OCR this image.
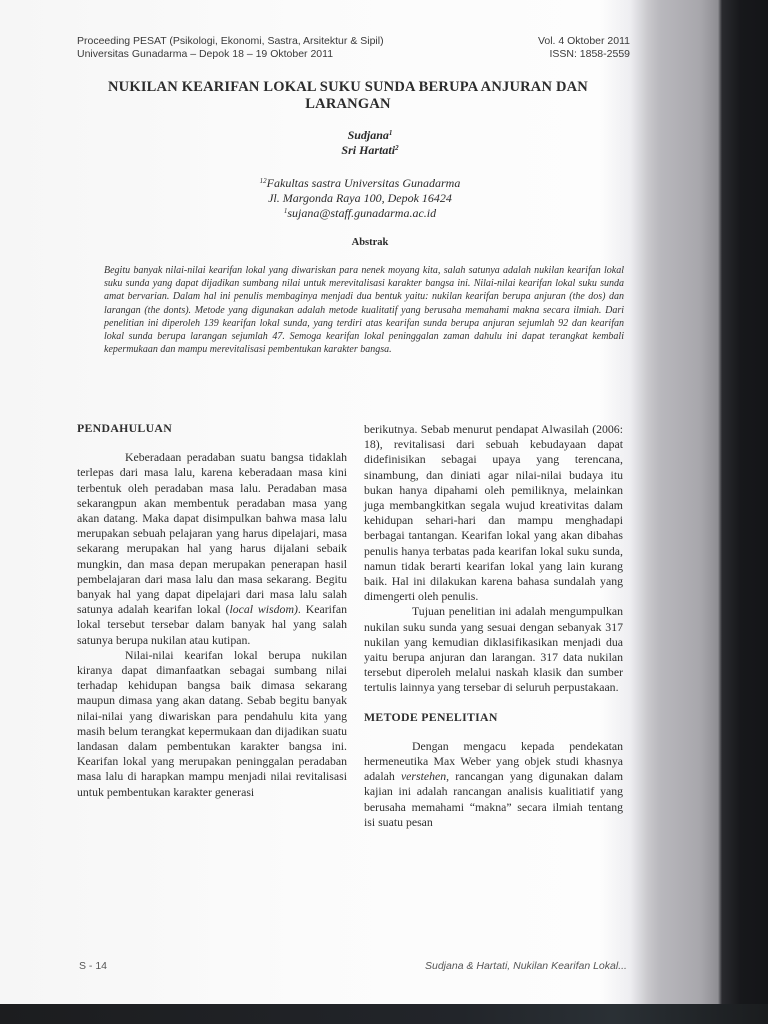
Proceeding PESAT (Psikologi, Ekonomi, Sastra, Arsitektur & Sipil)
Universitas Gunadarma – Depok 18 – 19 Oktober 2011
Vol. 4 Oktober 2011
ISSN: 1858-2559
NUKILAN KEARIFAN LOKAL SUKU SUNDA BERUPA ANJURAN DAN
LARANGAN
Sudjana$^1$
Sri Hartati$^2$
$^{12}$Fakultas sastra Universitas Gunadarma
Jl. Margonda Raya 100, Depok 16424
$^1$sujana@staff.gunadarma.ac.id
Abstrak
Begitu banyak nilai-nilai kearifan lokal yang diwariskan para nenek moyang kita, salah satunya adalah nukilan kearifan lokal suku sunda yang dapat dijadikan sumbang nilai untuk merevitalisasi karakter bangsa ini. Nilai-nilai kearifan lokal suku sunda amat bervarian. Dalam hal ini penulis membaginya menjadi dua bentuk yaitu: nukilan kearifan berupa anjuran (the dos) dan larangan (the donts). Metode yang digunakan adalah metode kualitatif yang berusaha memahami makna secara ilmiah. Dari penelitian ini diperoleh 139 kearifan lokal sunda, yang terdiri atas kearifan sunda berupa anjuran sejumlah 92 dan kearifan lokal sunda berupa larangan sejumlah 47. Semoga kearifan lokal peninggalan zaman dahulu ini dapat terangkat kembali kepermukaan dan mampu merevitalisasi pembentukan karakter bangsa.
PENDAHULUAN

Keberadaan peradaban suatu bangsa tidaklah terlepas dari masa lalu, karena keberadaan masa kini terbentuk oleh peradaban masa lalu. Peradaban masa sekarangpun akan membentuk peradaban masa yang akan datang. Maka dapat disimpulkan bahwa masa lalu merupakan sebuah pelajaran yang harus dipelajari, masa sekarang merupakan hal yang harus dijalani sebaik mungkin, dan masa depan merupakan penerapan hasil pembelajaran dari masa lalu dan masa sekarang. Begitu banyak hal yang dapat dipelajari dari masa lalu salah satunya adalah kearifan lokal (local wisdom). Kearifan lokal tersebut tersebar dalam banyak hal yang salah satunya berupa nukilan atau kutipan.

Nilai-nilai kearifan lokal berupa nukilan kiranya dapat dimanfaatkan sebagai sumbang nilai terhadap kehidupan bangsa baik dimasa sekarang maupun dimasa yang akan datang. Sebab begitu banyak nilai-nilai yang diwariskan para pendahulu kita yang masih belum terangkat kepermukaan dan dijadikan suatu landasan dalam pembentukan karakter bangsa ini. Kearifan lokal yang merupakan peninggalan peradaban masa lalu di harapkan mampu menjadi nilai revitalisasi untuk pembentukan karakter generasi

berikutnya. Sebab menurut pendapat Alwasilah (2006: 18), revitalisasi dari sebuah kebudayaan dapat didefinisikan sebagai upaya yang terencana, sinambung, dan diniati agar nilai-nilai budaya itu bukan hanya dipahami oleh pemiliknya, melainkan juga membangkitkan segala wujud kreativitas dalam kehidupan sehari-hari dan mampu menghadapi berbagai tantangan. Kearifan lokal yang akan dibahas penulis hanya terbatas pada kearifan lokal suku sunda, namun tidak berarti kearifan lokal yang lain kurang baik. Hal ini dilakukan karena bahasa sundalah yang dimengerti oleh penulis.

Tujuan penelitian ini adalah mengumpulkan nukilan suku sunda yang sesuai dengan sebanyak 317 nukilan yang kemudian diklasifikasikan menjadi dua yaitu berupa anjuran dan larangan. 317 data nukilan tersebut diperoleh melalui naskah klasik dan sumber tertulis lainnya yang tersebar di seluruh perpustakaan.

METODE PENELITIAN

Dengan mengacu kepada pendekatan hermeneutika Max Weber yang objek studi khasnya adalah verstehen, rancangan yang digunakan dalam kajian ini adalah rancangan analisis kualitiatif yang berusaha memahami “makna” secara ilmiah tentang isi suatu pesan

S - 14	Sudjana & Hartati, Nukilan Kearifan Lokal...
